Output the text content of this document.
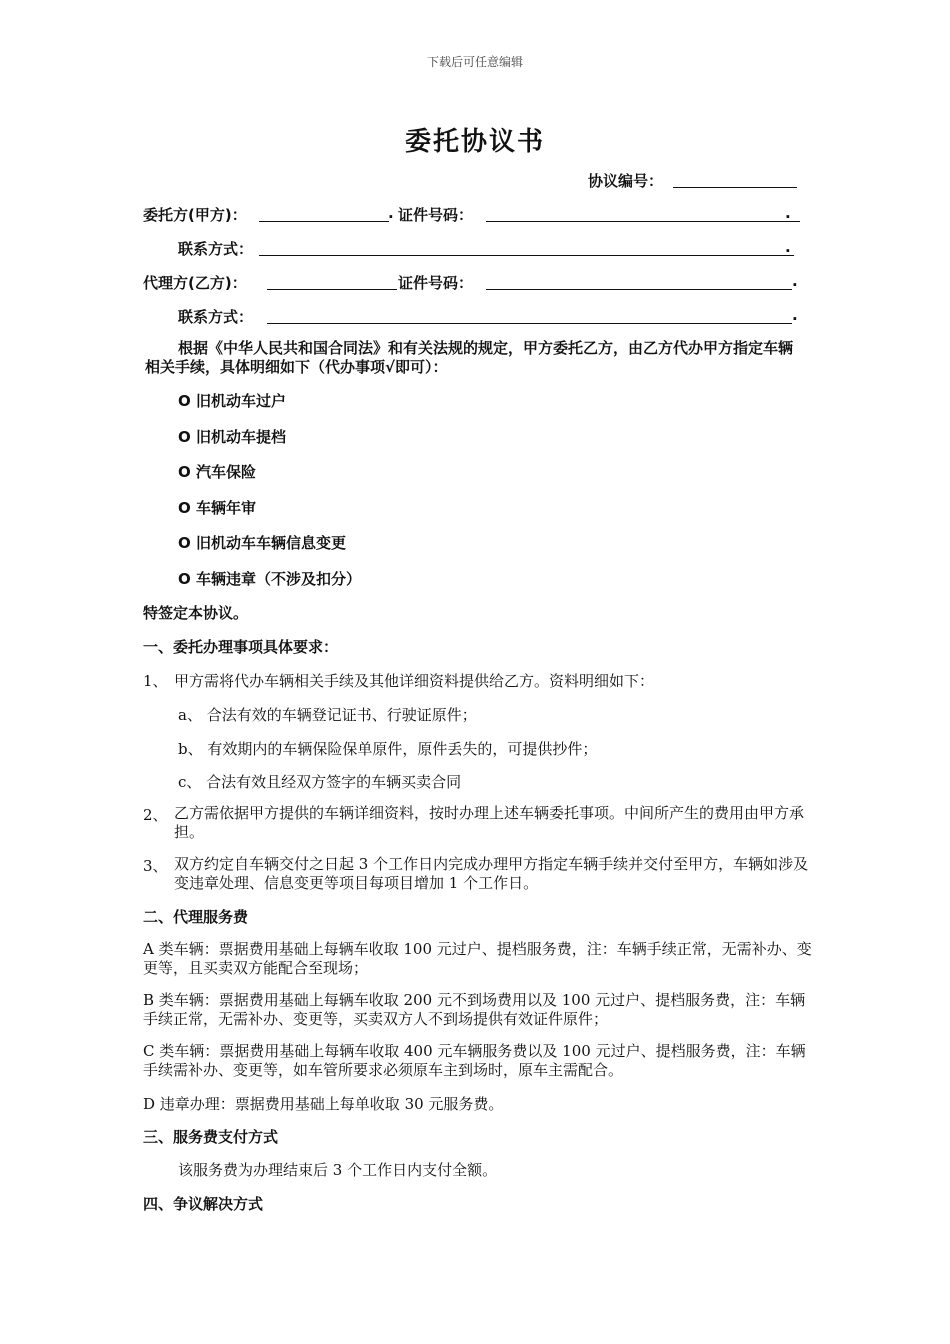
下载后可任意编辑
委托协议书
协议编号：
委托方(甲方)：	. 证件号码：	.
联系方式：	.
代理方(乙方)：	证件号码：	.
联系方式：	.
根据《中华人民共和国合同法》和有关法规的规定，甲方委托乙方，由乙方代办甲方指定车辆相关手续，具体明细如下（代办事项√即可）：
O 旧机动车过户
O 旧机动车提档
O 汽车保险
O 车辆年审
O 旧机动车车辆信息变更
O 车辆违章（不涉及扣分）
特签定本协议。
一、委托办理事项具体要求：
1、 甲方需将代办车辆相关手续及其他详细资料提供给乙方。资料明细如下：
a、 合法有效的车辆登记证书、行驶证原件；
b、 有效期内的车辆保险保单原件，原件丢失的，可提供抄件；
c、 合法有效且经双方签字的车辆买卖合同
2、 乙方需依据甲方提供的车辆详细资料，按时办理上述车辆委托事项。中间所产生的费用由甲方承担。
3、 双方约定自车辆交付之日起 3 个工作日内完成办理甲方指定车辆手续并交付至甲方，车辆如涉及变违章处理、信息变更等项目每项目增加 1 个工作日。
二、代理服务费
A 类车辆：票据费用基础上每辆车收取 100 元过户、提档服务费，注：车辆手续正常，无需补办、变更等，且买卖双方能配合至现场；
B 类车辆：票据费用基础上每辆车收取 200 元不到场费用以及 100 元过户、提档服务费，注：车辆手续正常，无需补办、变更等，买卖双方人不到场提供有效证件原件；
C 类车辆：票据费用基础上每辆车收取 400 元车辆服务费以及 100 元过户、提档服务费，注：车辆手续需补办、变更等，如车管所要求必须原车主到场时，原车主需配合。
D 违章办理：票据费用基础上每单收取 30 元服务费。
三、服务费支付方式
该服务费为办理结束后 3 个工作日内支付全额。
四、争议解决方式
